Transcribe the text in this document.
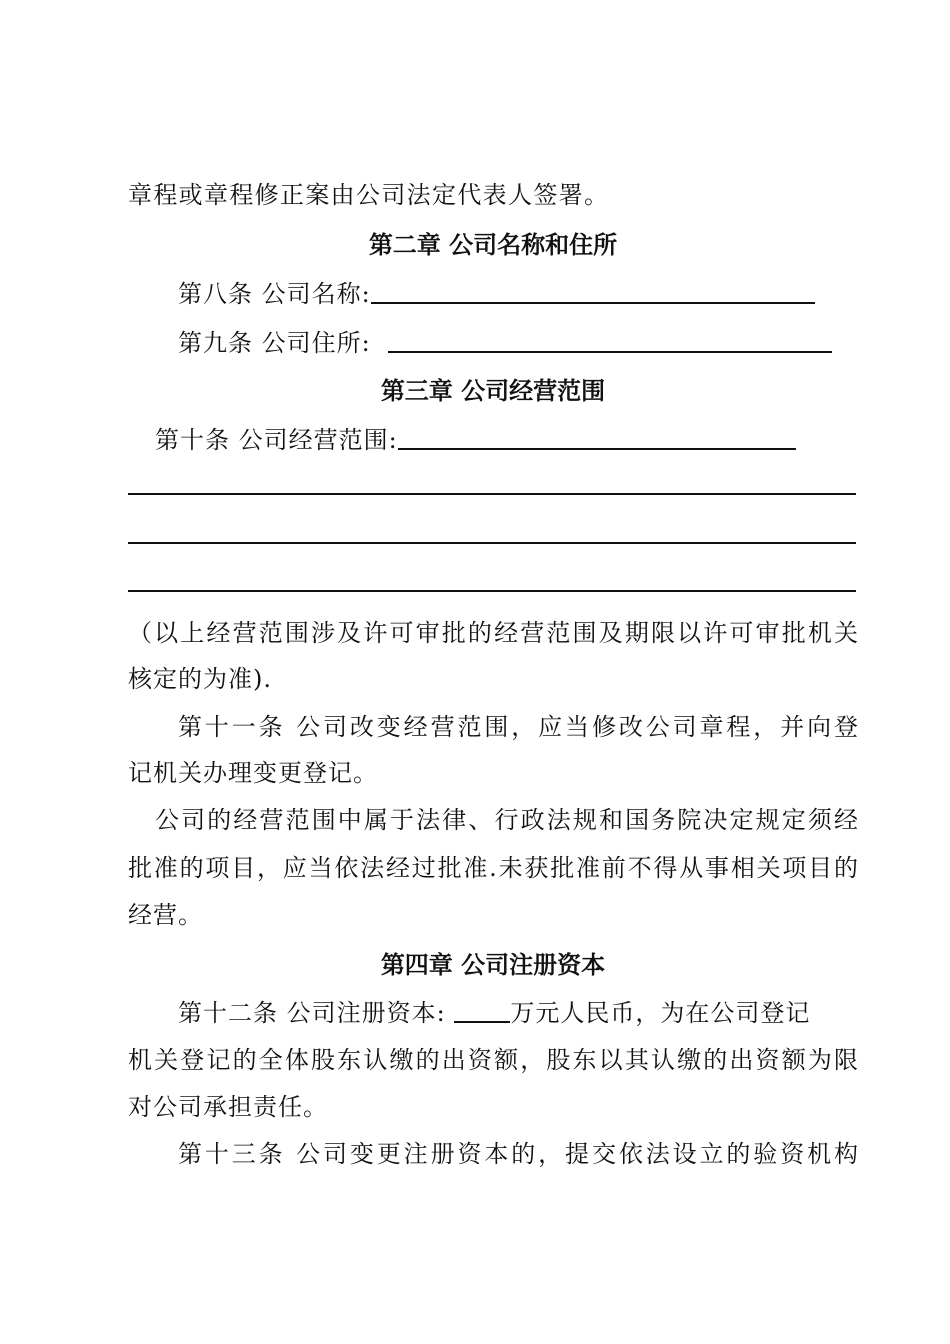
章程或章程修正案由公司法定代表人签署。
第二章 公司名称和住所
第八条 公司名称:
第九条 公司住所:
第三章 公司经营范围
第十条 公司经营范围:
（以上经营范围涉及许可审批的经营范围及期限以许可审批机关
核定的为准).
第十一条 公司改变经营范围，应当修改公司章程，并向登
记机关办理变更登记。
公司的经营范围中属于法律、行政法规和国务院决定规定须经
批准的项目，应当依法经过批准.未获批准前不得从事相关项目的
经营。
第四章 公司注册资本
第十二条 公司注册资本: 万元人民币，为在公司登记
机关登记的全体股东认缴的出资额，股东以其认缴的出资额为限
对公司承担责任。
第十三条 公司变更注册资本的，提交依法设立的验资机构
